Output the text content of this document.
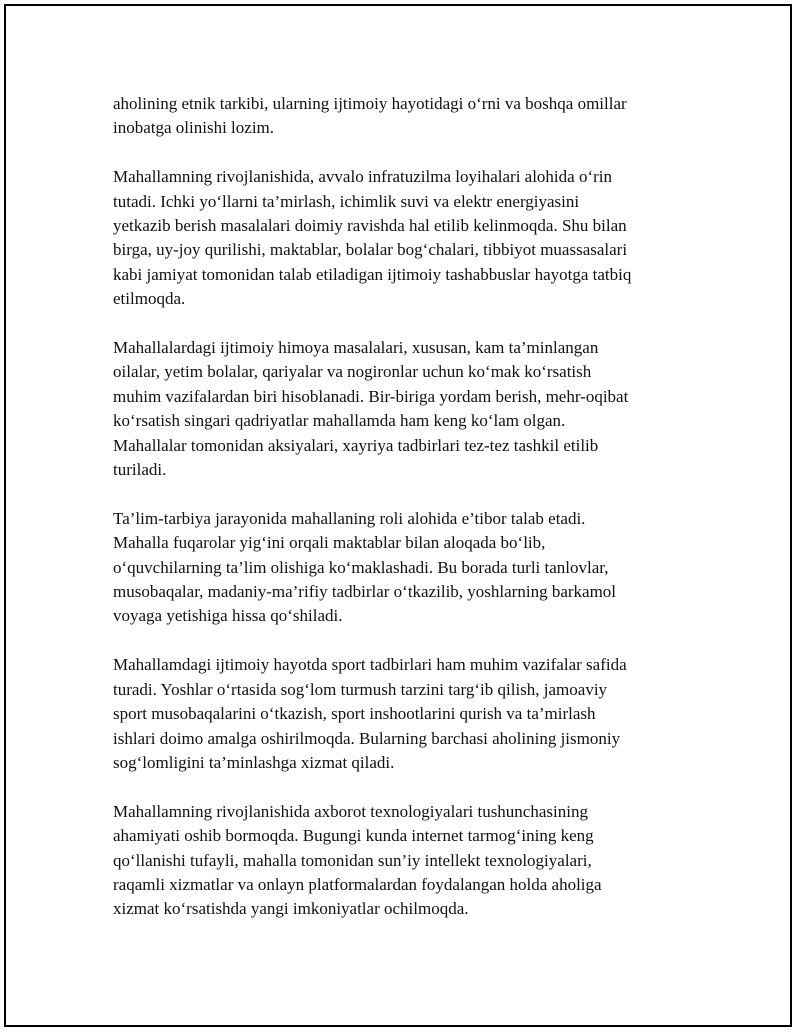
aholining etnik tarkibi, ularning ijtimoiy hayotidagi o‘rni va boshqa omillar
inobatga olinishi lozim.

Mahallamning rivojlanishida, avvalo infratuzilma loyihalari alohida o‘rin
tutadi. Ichki yo‘llarni ta’mirlash, ichimlik suvi va elektr energiyasini
yetkazib berish masalalari doimiy ravishda hal etilib kelinmoqda. Shu bilan
birga, uy-joy qurilishi, maktablar, bolalar bog‘chalari, tibbiyot muassasalari
kabi jamiyat tomonidan talab etiladigan ijtimoiy tashabbuslar hayotga tatbiq
etilmoqda.

Mahallalardagi ijtimoiy himoya masalalari, xususan, kam ta’minlangan
oilalar, yetim bolalar, qariyalar va nogironlar uchun ko‘mak ko‘rsatish
muhim vazifalardan biri hisoblanadi. Bir-biriga yordam berish, mehr-oqibat
ko‘rsatish singari qadriyatlar mahallamda ham keng ko‘lam olgan.
Mahallalar tomonidan aksiyalari, xayriya tadbirlari tez-tez tashkil etilib
turiladi.

Ta’lim-tarbiya jarayonida mahallaning roli alohida e’tibor talab etadi.
Mahalla fuqarolar yig‘ini orqali maktablar bilan aloqada bo‘lib,
o‘quvchilarning ta’lim olishiga ko‘maklashadi. Bu borada turli tanlovlar,
musobaqalar, madaniy-ma’rifiy tadbirlar o‘tkazilib, yoshlarning barkamol
voyaga yetishiga hissa qo‘shiladi.

Mahallamdagi ijtimoiy hayotda sport tadbirlari ham muhim vazifalar safida
turadi. Yoshlar o‘rtasida sog‘lom turmush tarzini targ‘ib qilish, jamoaviy
sport musobaqalarini o‘tkazish, sport inshootlarini qurish va ta’mirlash
ishlari doimo amalga oshirilmoqda. Bularning barchasi aholining jismoniy
sog‘lomligini ta’minlashga xizmat qiladi.

Mahallamning rivojlanishida axborot texnologiyalari tushunchasining
ahamiyati oshib bormoqda. Bugungi kunda internet tarmog‘ining keng
qo‘llanishi tufayli, mahalla tomonidan sun’iy intellekt texnologiyalari,
raqamli xizmatlar va onlayn platformalardan foydalangan holda aholiga
xizmat ko‘rsatishda yangi imkoniyatlar ochilmoqda.
